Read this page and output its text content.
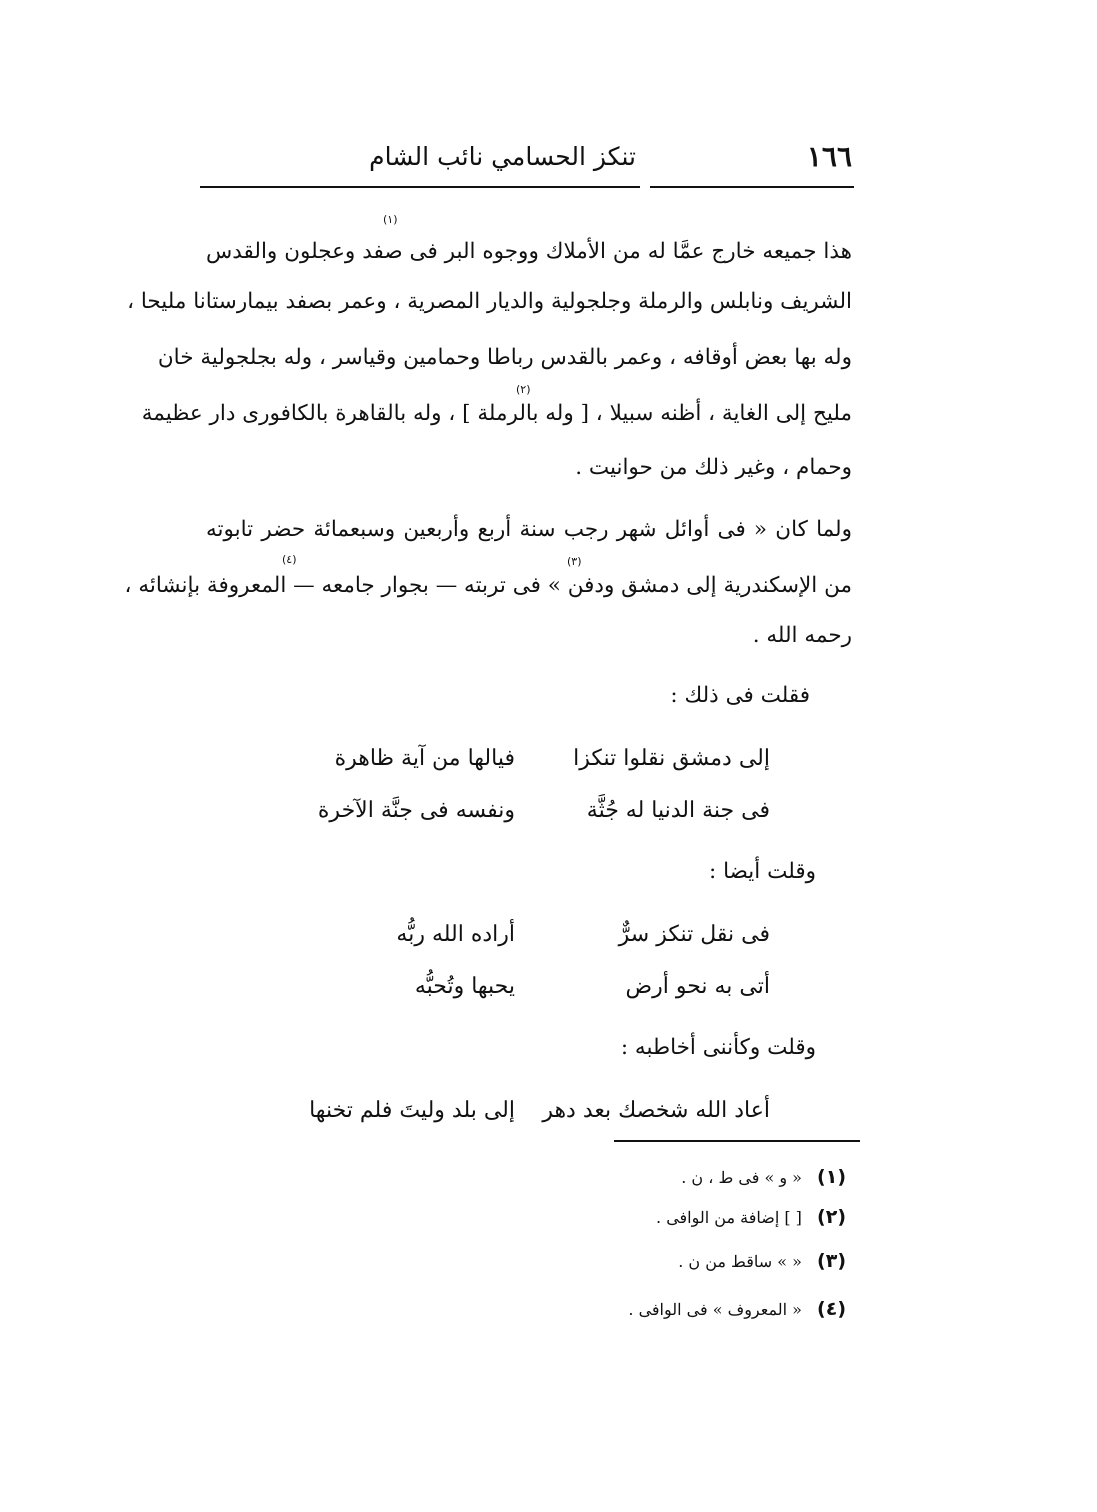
١٦٦
تنكز الحسامي نائب الشام
(١)
هذا جميعه خارج عمَّا له من الأملاك ووجوه البر فى صفد وعجلون والقدس
الشريف ونابلس والرملة وجلجولية والديار المصرية ، وعمر بصفد بيمارستانا مليحا ،
وله بها بعض أوقافه ، وعمر بالقدس رباطا وحمامين وقياسر ، وله بجلجولية خان
(٢)
مليح إلى الغاية ، أظنه سبيلا ، [ وله بالرملة ] ، وله بالقاهرة بالكافورى دار عظيمة
وحمام ، وغير ذلك من حوانيت .
ولما كان « فى أوائل شهر رجب سنة أربع وأربعين وسبعمائة حضر تابوته
(٣)
(٤)
من الإسكندرية إلى دمشق ودفن » فى تربته — بجوار جامعه — المعروفة بإنشائه ،
رحمه الله .
فقلت فى ذلك :
إلى دمشق نقلوا تنكزا
فيالها من آية ظاهرة
فى جنة الدنيا له جُثَّة
ونفسه فى جنَّة الآخرة
وقلت أيضا :
فى نقل تنكز سرٌّ
أراده الله ربُّه
أتى به نحو أرض
يحبها وتُحبُّه
وقلت وكأننى أخاطبه :
أعاد الله شخصك بعد دهر
إلى بلد وليتَ فلم تخنها
(١) « و » فى ط ، ن .
(٢) [ ] إضافة من الوافى .
(٣) « » ساقط من ن .
(٤) « المعروف » فى الوافى .
